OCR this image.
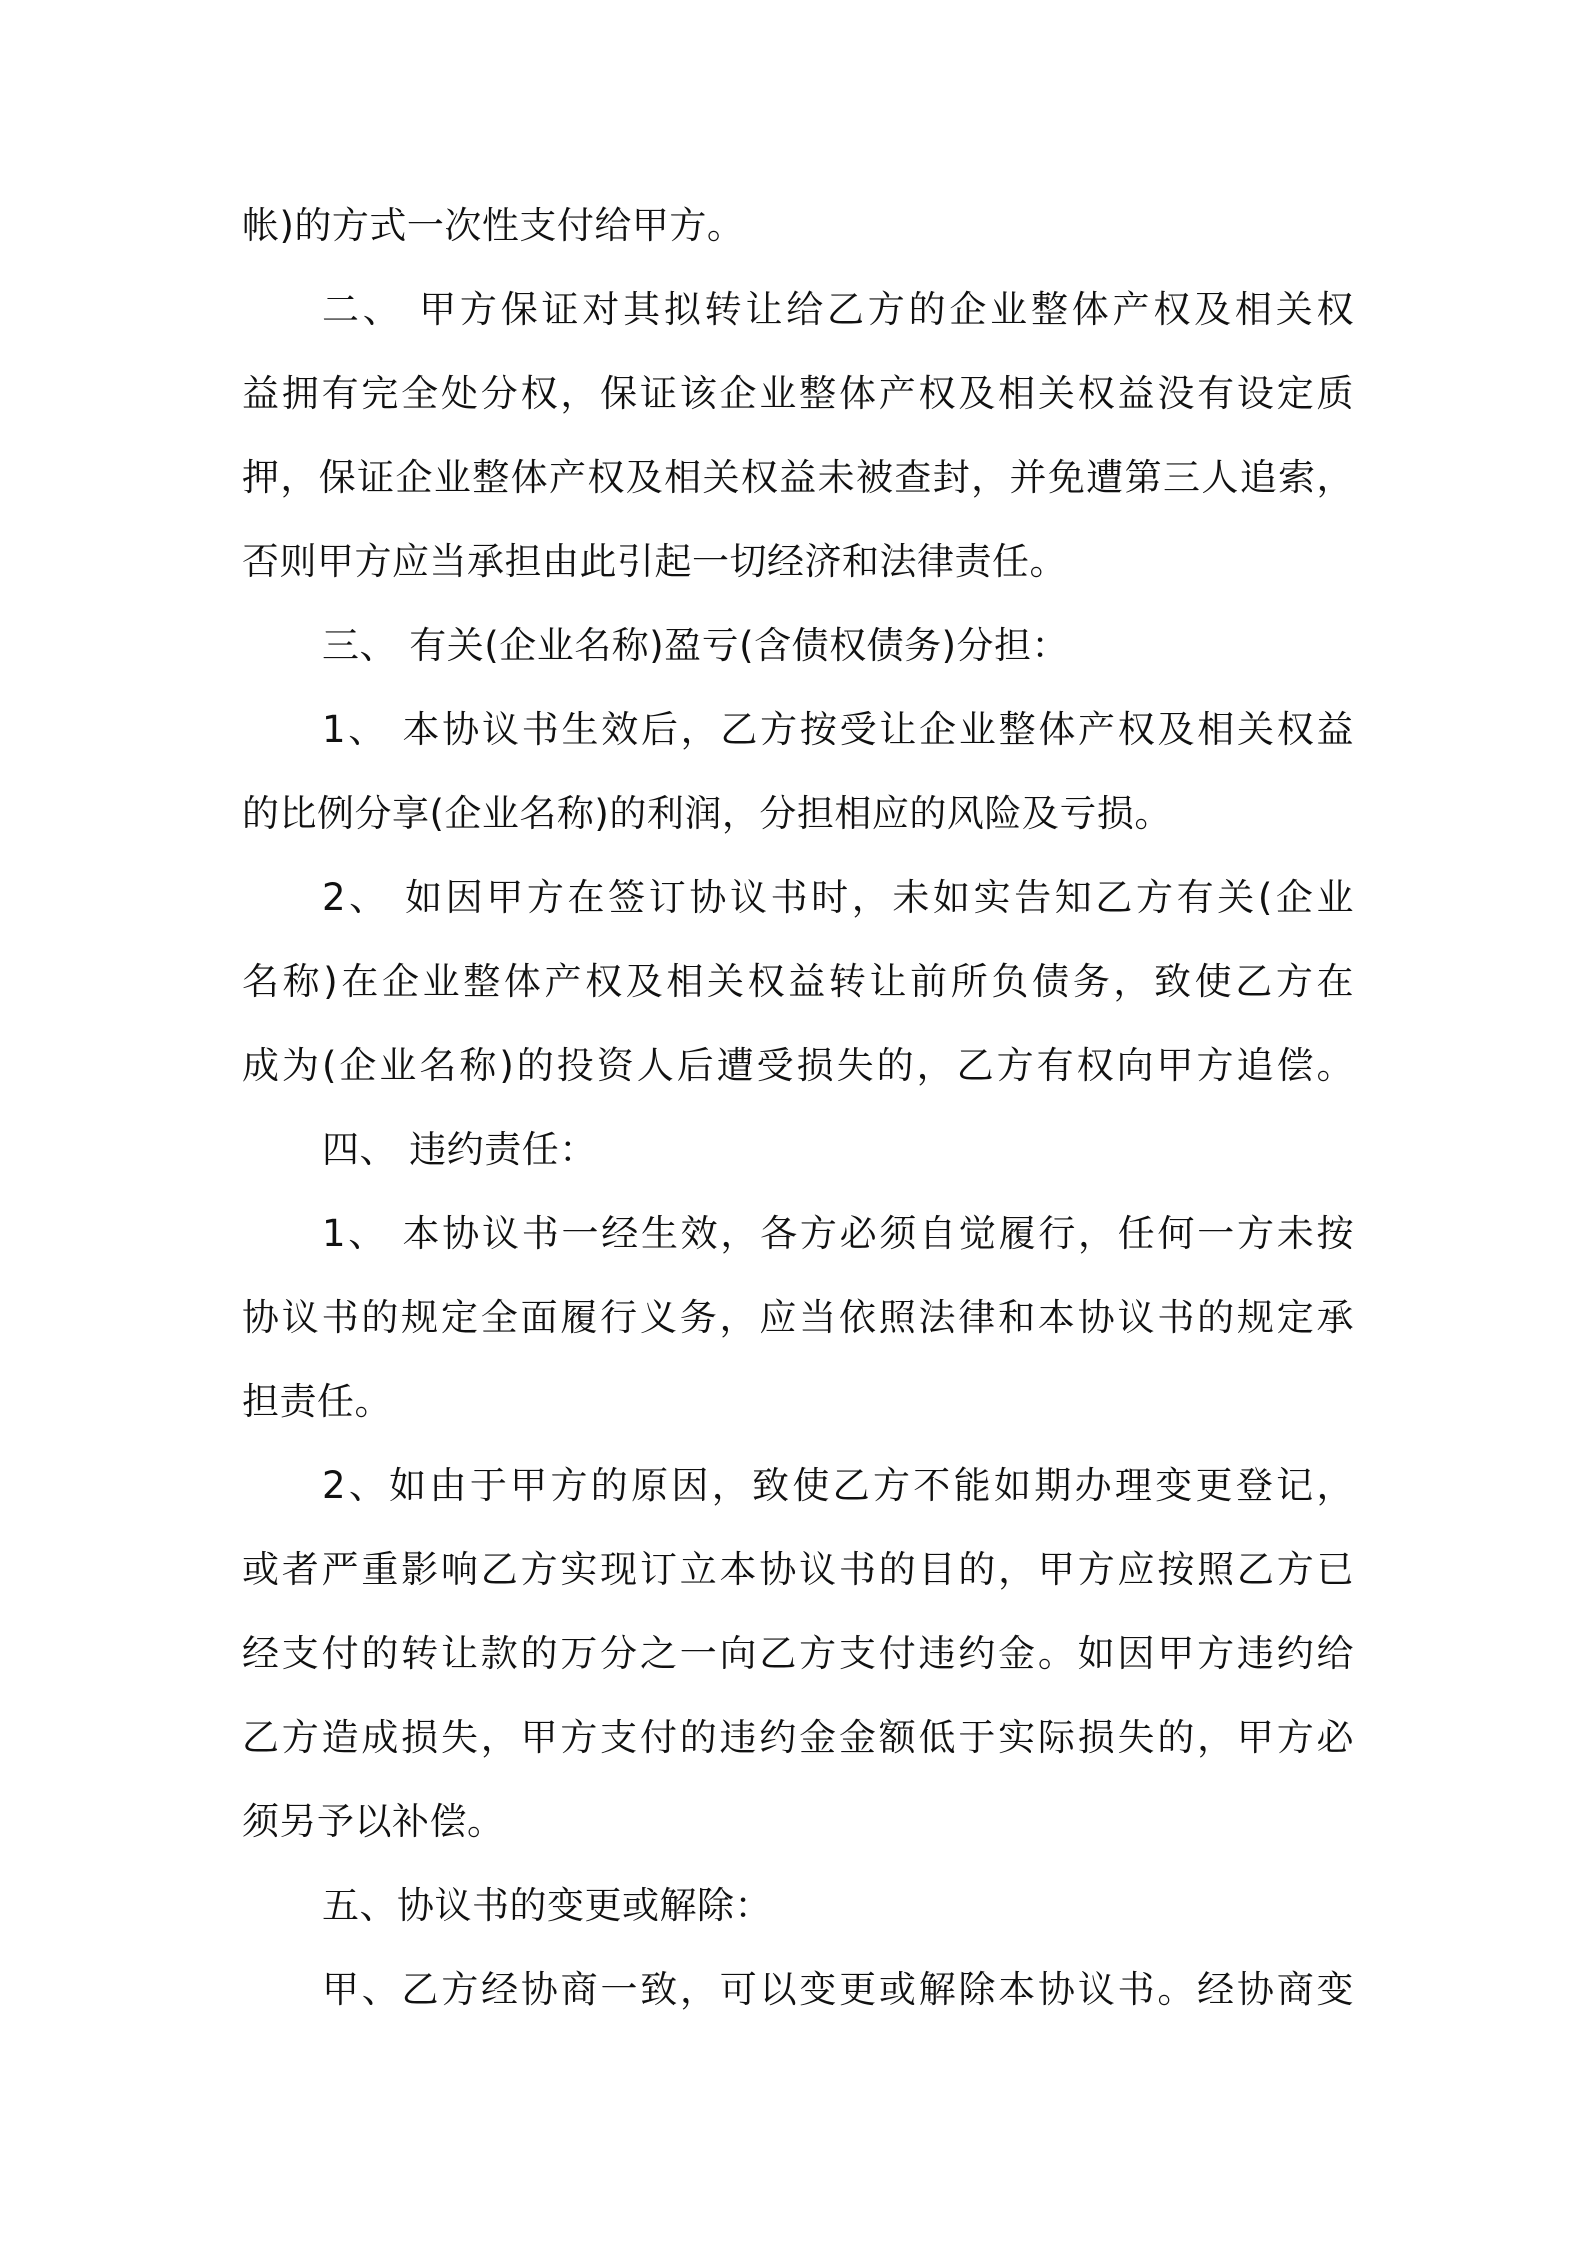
帐)的方式一次性支付给甲方。
二、 甲方保证对其拟转让给乙方的企业整体产权及相关权
益拥有完全处分权，保证该企业整体产权及相关权益没有设定质
押，保证企业整体产权及相关权益未被查封，并免遭第三人追索，
否则甲方应当承担由此引起一切经济和法律责任。
三、 有关(企业名称)盈亏(含债权债务)分担：
1、 本协议书生效后，乙方按受让企业整体产权及相关权益
的比例分享(企业名称)的利润，分担相应的风险及亏损。
2、 如因甲方在签订协议书时，未如实告知乙方有关(企业
名称)在企业整体产权及相关权益转让前所负债务，致使乙方在
成为(企业名称)的投资人后遭受损失的，乙方有权向甲方追偿。
四、 违约责任：
1、 本协议书一经生效，各方必须自觉履行，任何一方未按
协议书的规定全面履行义务，应当依照法律和本协议书的规定承
担责任。
2、如由于甲方的原因，致使乙方不能如期办理变更登记，
或者严重影响乙方实现订立本协议书的目的，甲方应按照乙方已
经支付的转让款的万分之一向乙方支付违约金。如因甲方违约给
乙方造成损失，甲方支付的违约金金额低于实际损失的，甲方必
须另予以补偿。
五、协议书的变更或解除：
甲、乙方经协商一致，可以变更或解除本协议书。经协商变
